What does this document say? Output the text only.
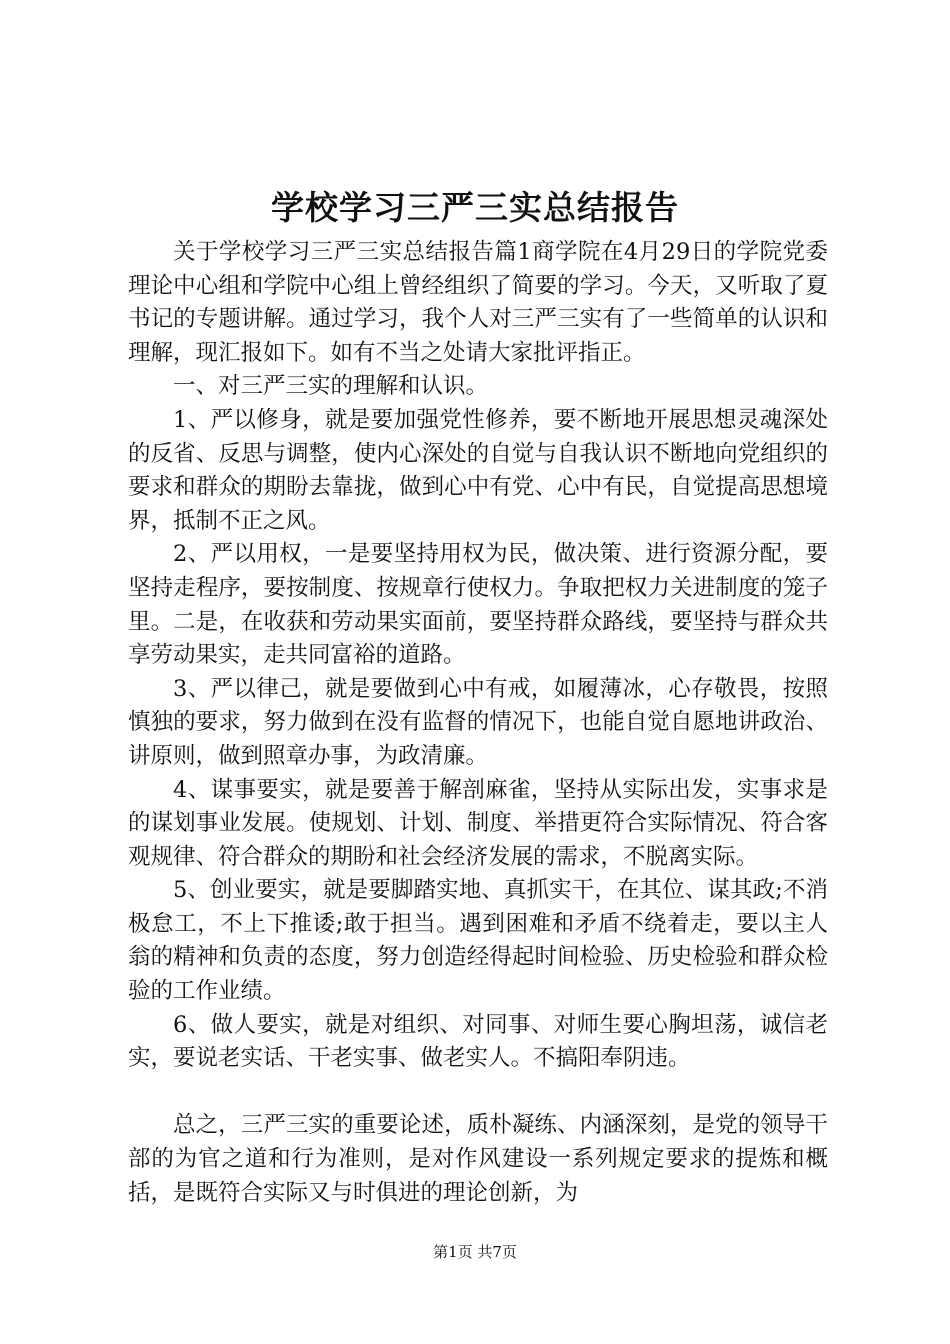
学校学习三严三实总结报告

关于学校学习三严三实总结报告篇1商学院在4月29日的学院党委理论中心组和学院中心组上曾经组织了简要的学习。今天，又听取了夏书记的专题讲解。通过学习，我个人对三严三实有了一些简单的认识和理解，现汇报如下。如有不当之处请大家批评指正。

一、对三严三实的理解和认识。

1、严以修身，就是要加强党性修养，要不断地开展思想灵魂深处的反省、反思与调整，使内心深处的自觉与自我认识不断地向党组织的要求和群众的期盼去靠拢，做到心中有党、心中有民，自觉提高思想境界，抵制不正之风。

2、严以用权，一是要坚持用权为民，做决策、进行资源分配，要坚持走程序，要按制度、按规章行使权力。争取把权力关进制度的笼子里。二是，在收获和劳动果实面前，要坚持群众路线，要坚持与群众共享劳动果实，走共同富裕的道路。

3、严以律己，就是要做到心中有戒，如履薄冰，心存敬畏，按照慎独的要求，努力做到在没有监督的情况下，也能自觉自愿地讲政治、讲原则，做到照章办事，为政清廉。

4、谋事要实，就是要善于解剖麻雀，坚持从实际出发，实事求是的谋划事业发展。使规划、计划、制度、举措更符合实际情况、符合客观规律、符合群众的期盼和社会经济发展的需求，不脱离实际。

5、创业要实，就是要脚踏实地、真抓实干，在其位、谋其政;不消极怠工，不上下推诿;敢于担当。遇到困难和矛盾不绕着走，要以主人翁的精神和负责的态度，努力创造经得起时间检验、历史检验和群众检验的工作业绩。

6、做人要实，就是对组织、对同事、对师生要心胸坦荡，诚信老实，要说老实话、干老实事、做老实人。不搞阳奉阴违。

总之，三严三实的重要论述，质朴凝练、内涵深刻，是党的领导干部的为官之道和行为准则，是对作风建设一系列规定要求的提炼和概括，是既符合实际又与时俱进的理论创新，为

第1页 共7页
